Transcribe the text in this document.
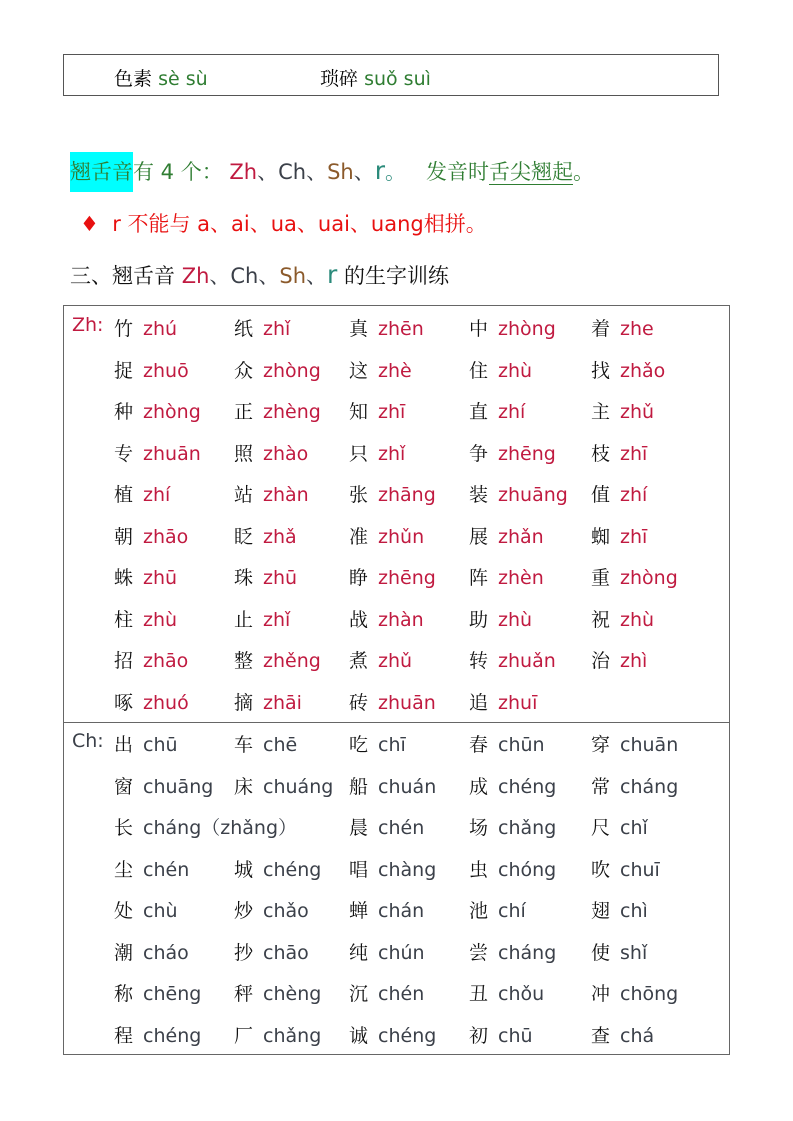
色素 sè sù	琐碎 suǒ suì
翘舌音有 4 个： Zh、Ch、Sh、r。 发音时舌尖翘起。
♦ r 不能与 a、ai、ua、uai、uang相拼。
三、翘舌音 Zh、Ch、Sh、r 的生字训练
Zh: 竹 zhú	纸 zhǐ	真 zhēn 中 zhòng 着 zhe
捉 zhuō 众 zhòng 这 zhè	住 zhù	找 zhǎo
种 zhòng 正 zhèng 知 zhī	直 zhí	主 zhǔ
专 zhuān 照 zhào 只 zhǐ	争 zhēng 枝 zhī
植 zhí	站 zhàn 张 zhāng 装 zhuāng 值 zhí
朝 zhāo 眨 zhǎ	准 zhǔn 展 zhǎn 蜘 zhī
蛛 zhū	珠 zhū	睁 zhēng 阵 zhèn 重 zhòng
柱 zhù	止 zhǐ	战 zhàn 助 zhù	祝 zhù
招 zhāo 整 zhěng 煮 zhǔ	转 zhuǎn 治 zhì
啄 zhuó 摘 zhāi 砖 zhuān 追 zhuī
Ch: 出 chū	车 chē	吃 chī	春 chūn 穿 chuān
窗 chuāng 床 chuáng 船 chuán 成 chéng 常 cháng
长 cháng（zhǎng）	晨 chén 场 chǎng 尺 chǐ
尘 chén 城 chéng 唱 chàng 虫 chóng 吹 chuī
处 chù	炒 chǎo 蝉 chán 池 chí	翅 chì
潮 cháo 抄 chāo 纯 chún 尝 cháng 使 shǐ
称 chēng 秤 chèng 沉 chén 丑 chǒu 冲 chōng
程 chéng 厂 chǎng 诚 chéng 初 chū	查 chá
